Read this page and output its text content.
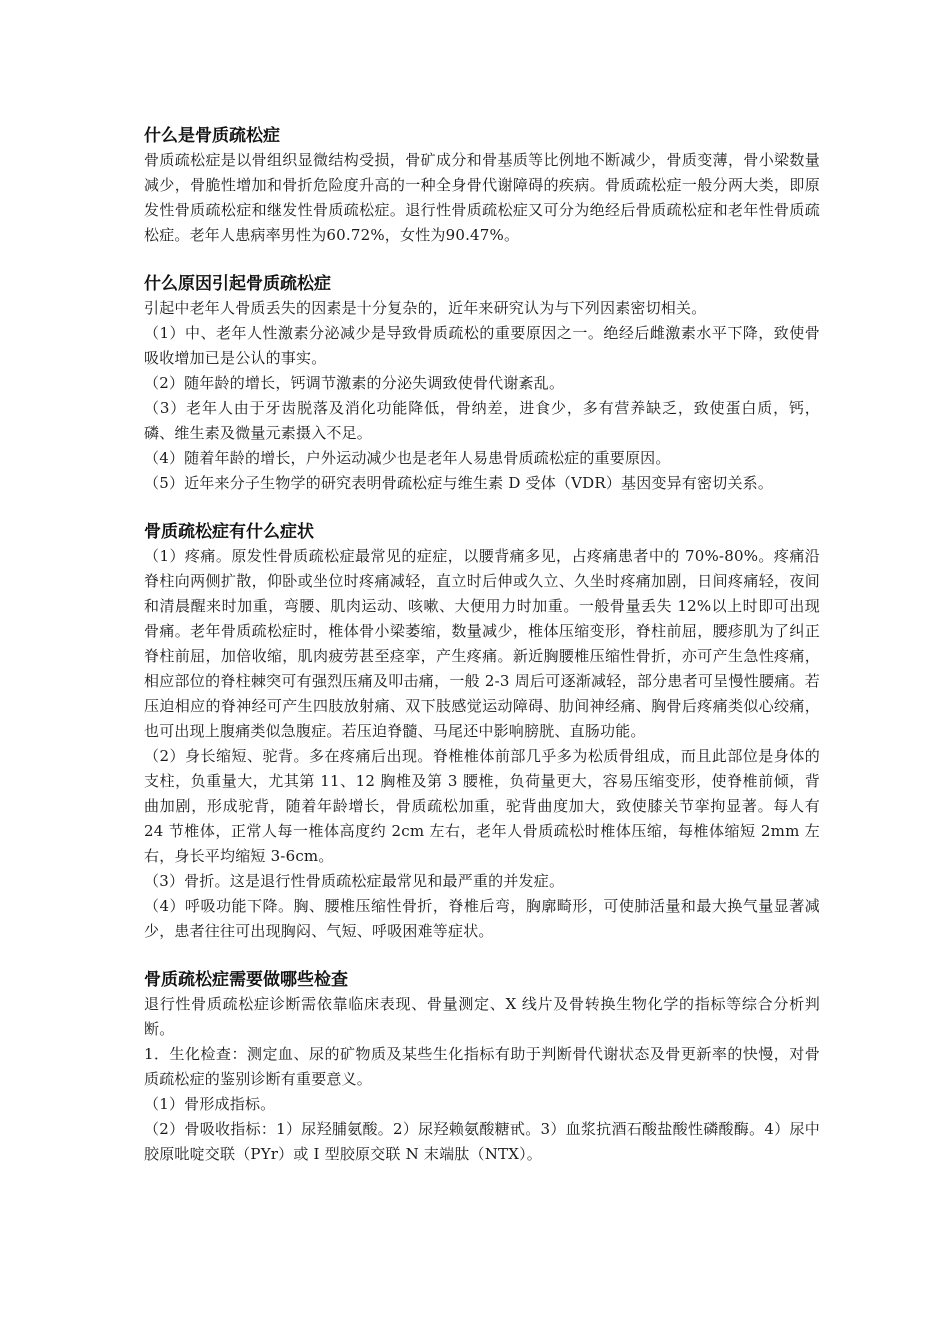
什么是骨质疏松症

骨质疏松症是以骨组织显微结构受损，骨矿成分和骨基质等比例地不断减少，骨质变薄，骨小梁数量减少，骨脆性增加和骨折危险度升高的一种全身骨代谢障碍的疾病。骨质疏松症一般分两大类，即原发性骨质疏松症和继发性骨质疏松症。退行性骨质疏松症又可分为绝经后骨质疏松症和老年性骨质疏松症。老年人患病率男性为60.72%，女性为90.47%。

什么原因引起骨质疏松症

引起中老年人骨质丢失的因素是十分复杂的，近年来研究认为与下列因素密切相关。

（1）中、老年人性激素分泌减少是导致骨质疏松的重要原因之一。绝经后雌激素水平下降，致使骨吸收增加已是公认的事实。

（2）随年龄的增长，钙调节激素的分泌失调致使骨代谢紊乱。

（3）老年人由于牙齿脱落及消化功能降低，骨纳差，进食少，多有营养缺乏，致使蛋白质，钙，磷、维生素及微量元素摄入不足。

（4）随着年龄的增长，户外运动减少也是老年人易患骨质疏松症的重要原因。

（5）近年来分子生物学的研究表明骨疏松症与维生素 D 受体（VDR）基因变异有密切关系。

骨质疏松症有什么症状

（1）疼痛。原发性骨质疏松症最常见的症症，以腰背痛多见，占疼痛患者中的 70%-80%。疼痛沿脊柱向两侧扩散，仰卧或坐位时疼痛减轻，直立时后伸或久立、久坐时疼痛加剧，日间疼痛轻，夜间和清晨醒来时加重，弯腰、肌肉运动、咳嗽、大便用力时加重。一般骨量丢失 12%以上时即可出现骨痛。老年骨质疏松症时，椎体骨小梁萎缩，数量减少，椎体压缩变形，脊柱前屈，腰疹肌为了纠正脊柱前屈，加倍收缩，肌肉疲劳甚至痉挛，产生疼痛。新近胸腰椎压缩性骨折，亦可产生急性疼痛，相应部位的脊柱棘突可有强烈压痛及叩击痛，一般 2-3 周后可逐渐减轻，部分患者可呈慢性腰痛。若压迫相应的脊神经可产生四肢放射痛、双下肢感觉运动障碍、肋间神经痛、胸骨后疼痛类似心绞痛，也可出现上腹痛类似急腹症。若压迫脊髓、马尾还中影响膀胱、直肠功能。

（2）身长缩短、驼背。多在疼痛后出现。脊椎椎体前部几乎多为松质骨组成，而且此部位是身体的支柱，负重量大，尤其第 11、12 胸椎及第 3 腰椎，负荷量更大，容易压缩变形，使脊椎前倾，背曲加剧，形成驼背，随着年龄增长，骨质疏松加重，驼背曲度加大，致使膝关节挛拘显著。每人有 24 节椎体，正常人每一椎体高度约 2cm 左右，老年人骨质疏松时椎体压缩，每椎体缩短 2mm 左右，身长平均缩短 3-6cm。

（3）骨折。这是退行性骨质疏松症最常见和最严重的并发症。

（4）呼吸功能下降。胸、腰椎压缩性骨折，脊椎后弯，胸廓畸形，可使肺活量和最大换气量显著减少，患者往往可出现胸闷、气短、呼吸困难等症状。

骨质疏松症需要做哪些检查

退行性骨质疏松症诊断需依靠临床表现、骨量测定、X 线片及骨转换生物化学的指标等综合分析判断。

1．生化检查：测定血、尿的矿物质及某些生化指标有助于判断骨代谢状态及骨更新率的快慢，对骨质疏松症的鉴别诊断有重要意义。

（1）骨形成指标。

（2）骨吸收指标：1）尿羟脯氨酸。2）尿羟赖氨酸糖甙。3）血浆抗酒石酸盐酸性磷酸酶。4）尿中胶原吡啶交联（PYr）或 I 型胶原交联 N 末端肽（NTX）。
